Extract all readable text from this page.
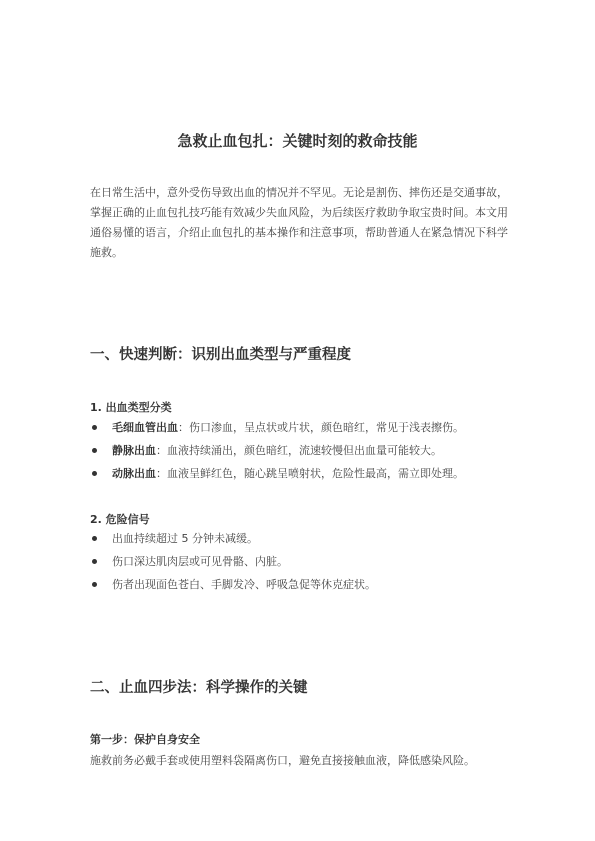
急救止血包扎：关键时刻的救命技能

在日常生活中，意外受伤导致出血的情况并不罕见。无论是割伤、摔伤还是交通事故，掌握正确的止血包扎技巧能有效减少失血风险，为后续医疗救助争取宝贵时间。本文用通俗易懂的语言，介绍止血包扎的基本操作和注意事项，帮助普通人在紧急情况下科学施救。

一、快速判断：识别出血类型与严重程度
1. 出血类型分类
毛细血管出血：伤口渗血，呈点状或片状，颜色暗红，常见于浅表擦伤。
静脉出血：血液持续涌出，颜色暗红，流速较慢但出血量可能较大。
动脉出血：血液呈鲜红色，随心跳呈喷射状，危险性最高，需立即处理。
2. 危险信号
出血持续超过 5 分钟未减缓。
伤口深达肌肉层或可见骨骼、内脏。
伤者出现面色苍白、手脚发冷、呼吸急促等休克症状。
二、止血四步法：科学操作的关键
第一步：保护自身安全

施救前务必戴手套或使用塑料袋隔离伤口，避免直接接触血液，降低感染风险。
